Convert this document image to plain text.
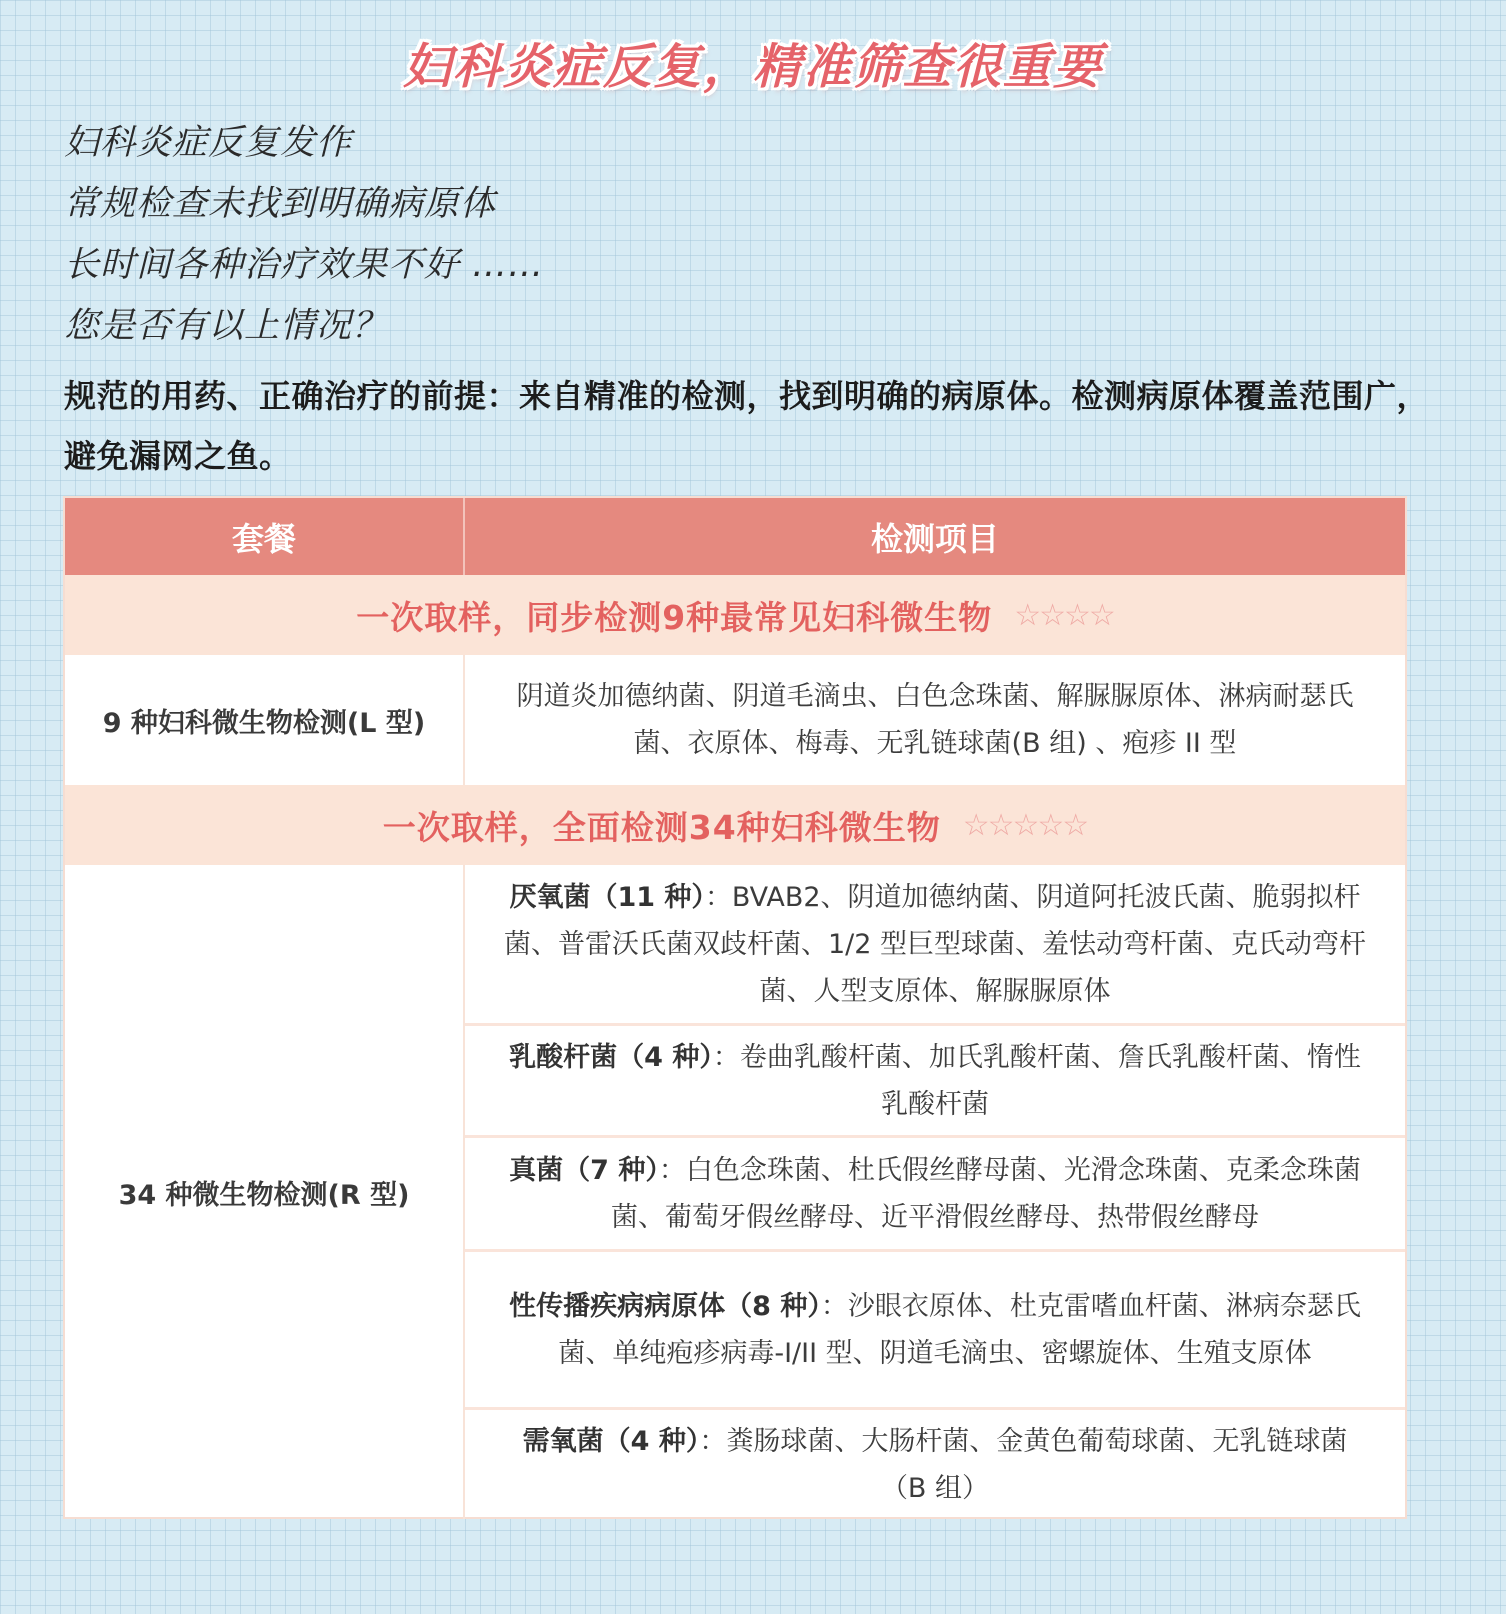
妇科炎症反复，精准筛查很重要
妇科炎症反复发作
常规检查未找到明确病原体
长时间各种治疗效果不好 ……
您是否有以上情况？
规范的用药、正确治疗的前提：来自精准的检测，找到明确的病原体。检测病原体覆盖范围广，避免漏网之鱼。
套餐	检测项目
一次取样，同步检测9种最常见妇科微生物 ☆☆☆☆
9 种妇科微生物检测(L 型)
阴道炎加德纳菌、阴道毛滴虫、白色念珠菌、解脲脲原体、淋病耐瑟氏菌、衣原体、梅毒、无乳链球菌(B 组) 、疱疹 II 型
一次取样，全面检测34种妇科微生物 ☆☆☆☆☆
34 种微生物检测(R 型)
厌氧菌（11 种）：BVAB2、阴道加德纳菌、阴道阿托波氏菌、脆弱拟杆菌、普雷沃氏菌双歧杆菌、1/2 型巨型球菌、羞怯动弯杆菌、克氏动弯杆菌、人型支原体、解脲脲原体
乳酸杆菌（4 种）：卷曲乳酸杆菌、加氏乳酸杆菌、詹氏乳酸杆菌、惰性乳酸杆菌
真菌（7 种）：白色念珠菌、杜氏假丝酵母菌、光滑念珠菌、克柔念珠菌菌、葡萄牙假丝酵母、近平滑假丝酵母、热带假丝酵母
性传播疾病病原体（8 种）：沙眼衣原体、杜克雷嗜血杆菌、淋病奈瑟氏菌、单纯疱疹病毒-I/II 型、阴道毛滴虫、密螺旋体、生殖支原体
需氧菌（4 种）：粪肠球菌、大肠杆菌、金黄色葡萄球菌、无乳链球菌（B 组）
